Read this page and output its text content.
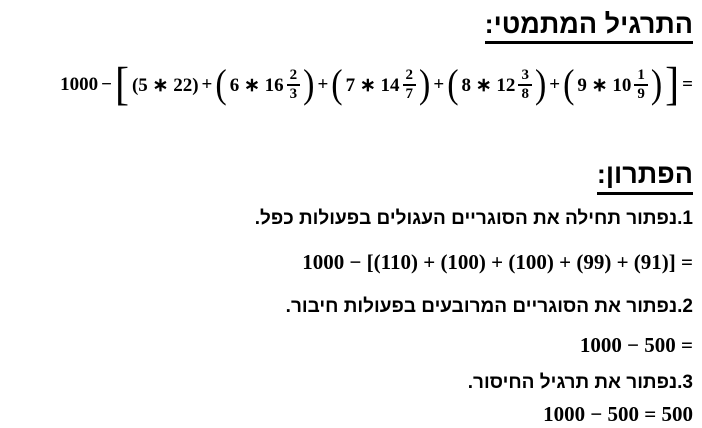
התרגיל המתמטי:
1000 − [ (5 ∗ 22) + ( 6 ∗ $16 \frac{2}{3}$ ) + ( 7 ∗ $14 \frac{2}{7}$ ) + ( 8 ∗ $12 \frac{3}{8}$ ) + ( 9 ∗ $10 \frac{1}{9}$ ) ] =
הפתרון:
1.נפתור תחילה את הסוגריים העגולים בפעולות כפל.
1000 − [(110) + (100) + (100) + (99) + (91)] =
2.נפתור את הסוגריים המרובעים בפעולות חיבור.
1000 − 500 =
3.נפתור את תרגיל החיסור.
1000 − 500 = 500
